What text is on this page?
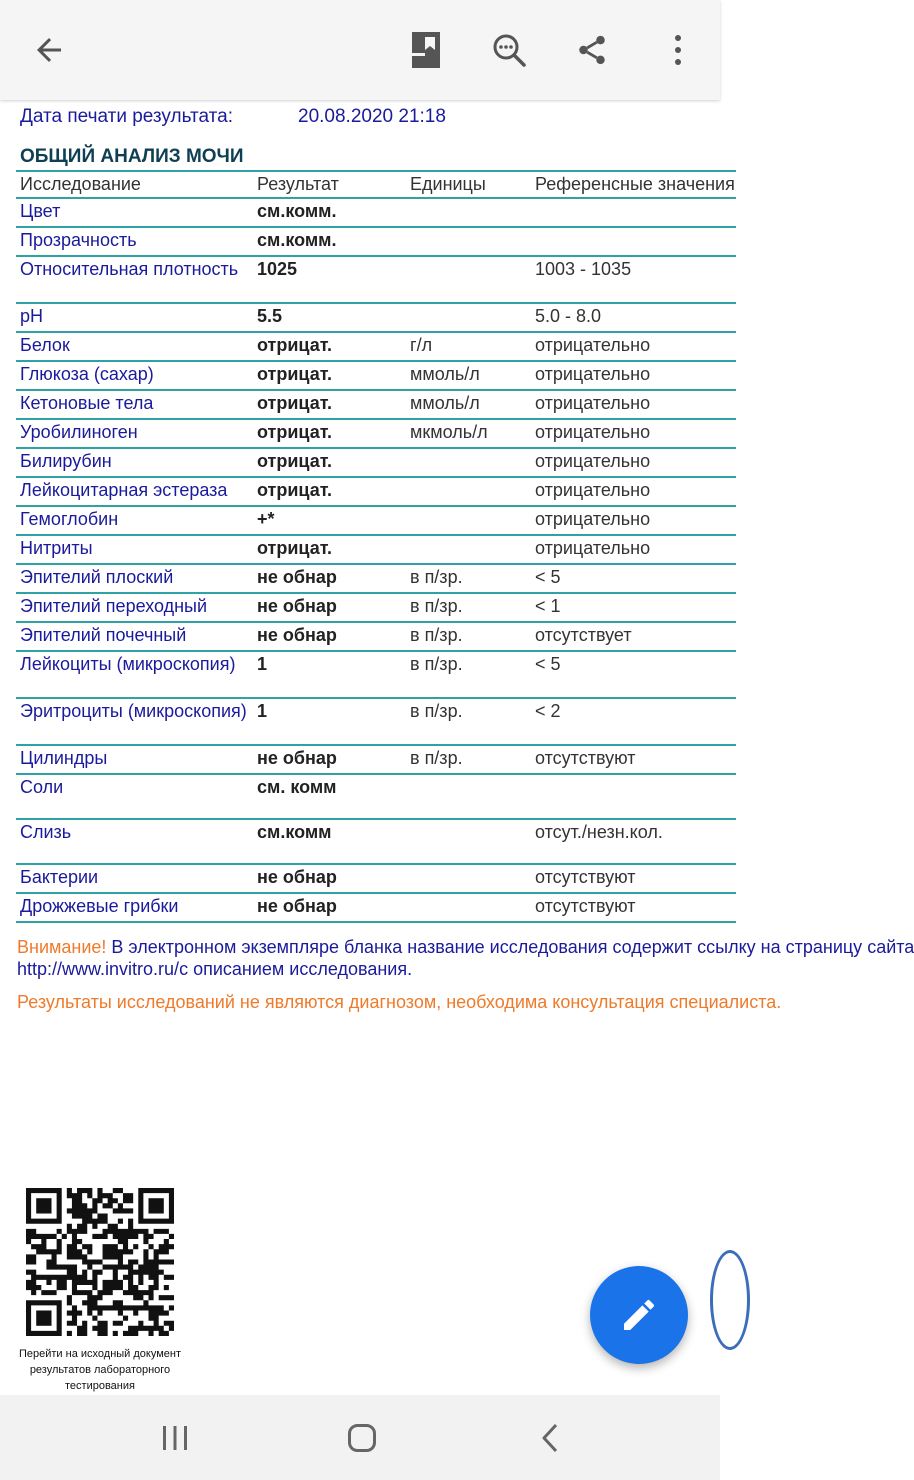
Дата печати результата:	20.08.2020 21:18
ОБЩИЙ АНАЛИЗ МОЧИ
Исследование	Результат	Единицы	Референсные значения
Цвет	см.комм.		
Прозрачность	см.комм.		
Относительная плотность	1025		1003 - 1035
pH	5.5		5.0 - 8.0
Белок	отрицат.	г/л	отрицательно
Глюкоза (сахар)	отрицат.	ммоль/л	отрицательно
Кетоновые тела	отрицат.	ммоль/л	отрицательно
Уробилиноген	отрицат.	мкмоль/л	отрицательно
Билирубин	отрицат.		отрицательно
Лейкоцитарная эстераза	отрицат.		отрицательно
Гемоглобин	+*		отрицательно
Нитриты	отрицат.		отрицательно
Эпителий плоский	не обнар	в п/зр.	< 5
Эпителий переходный	не обнар	в п/зр.	< 1
Эпителий почечный	не обнар	в п/зр.	отсутствует
Лейкоциты (микроскопия)	1	в п/зр.	< 5
Эритроциты (микроскопия)	1	в п/зр.	< 2
Цилиндры	не обнар	в п/зр.	отсутствуют
Соли	см. комм		
Слизь	см.комм		отсут./незн.кол.
Бактерии	не обнар		отсутствуют
Дрожжевые грибки	не обнар		отсутствуют
Внимание! В электронном экземпляре бланка название исследования содержит ссылку на страницу сайта
http://www.invitro.ru/с описанием исследования.
Результаты исследований не являются диагнозом, необходима консультация специалиста.
Перейти на исходный документ результатов лабораторного тестирования
